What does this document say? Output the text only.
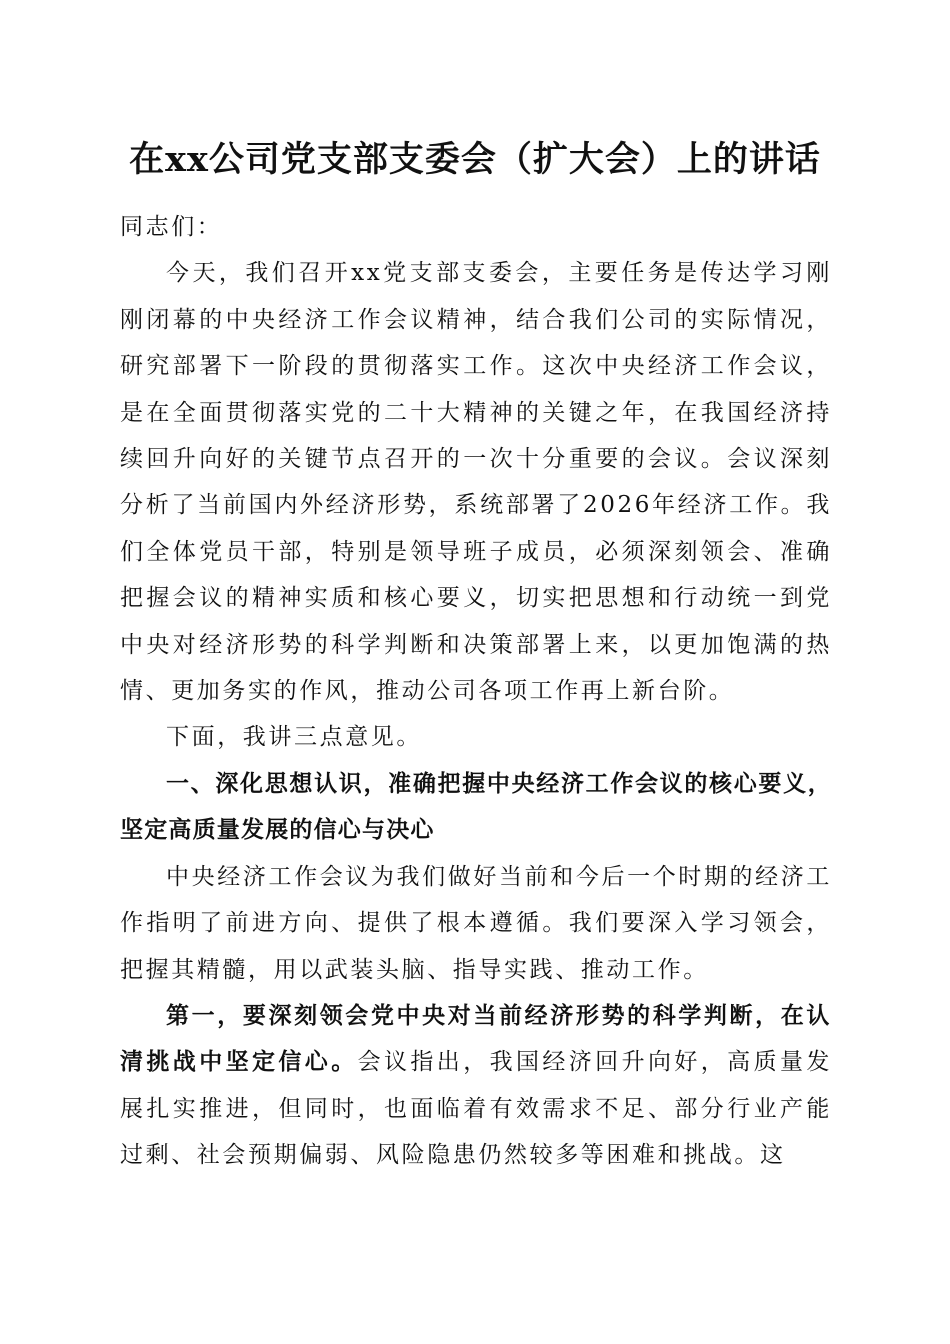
在xx公司党支部支委会（扩大会）上的讲话

同志们：

今天，我们召开xx党支部支委会，主要任务是传达学习刚刚闭幕的中央经济工作会议精神，结合我们公司的实际情况，研究部署下一阶段的贯彻落实工作。这次中央经济工作会议，是在全面贯彻落实党的二十大精神的关键之年，在我国经济持续回升向好的关键节点召开的一次十分重要的会议。会议深刻分析了当前国内外经济形势，系统部署了2026年经济工作。我们全体党员干部，特别是领导班子成员，必须深刻领会、准确把握会议的精神实质和核心要义，切实把思想和行动统一到党中央对经济形势的科学判断和决策部署上来，以更加饱满的热情、更加务实的作风，推动公司各项工作再上新台阶。

下面，我讲三点意见。

一、深化思想认识，准确把握中央经济工作会议的核心要义，坚定高质量发展的信心与决心

中央经济工作会议为我们做好当前和今后一个时期的经济工作指明了前进方向、提供了根本遵循。我们要深入学习领会，把握其精髓，用以武装头脑、指导实践、推动工作。

第一，要深刻领会党中央对当前经济形势的科学判断，在认清挑战中坚定信心。会议指出，我国经济回升向好，高质量发展扎实推进，但同时，也面临着有效需求不足、部分行业产能过剩、社会预期偏弱、风险隐患仍然较多等困难和挑战。这
